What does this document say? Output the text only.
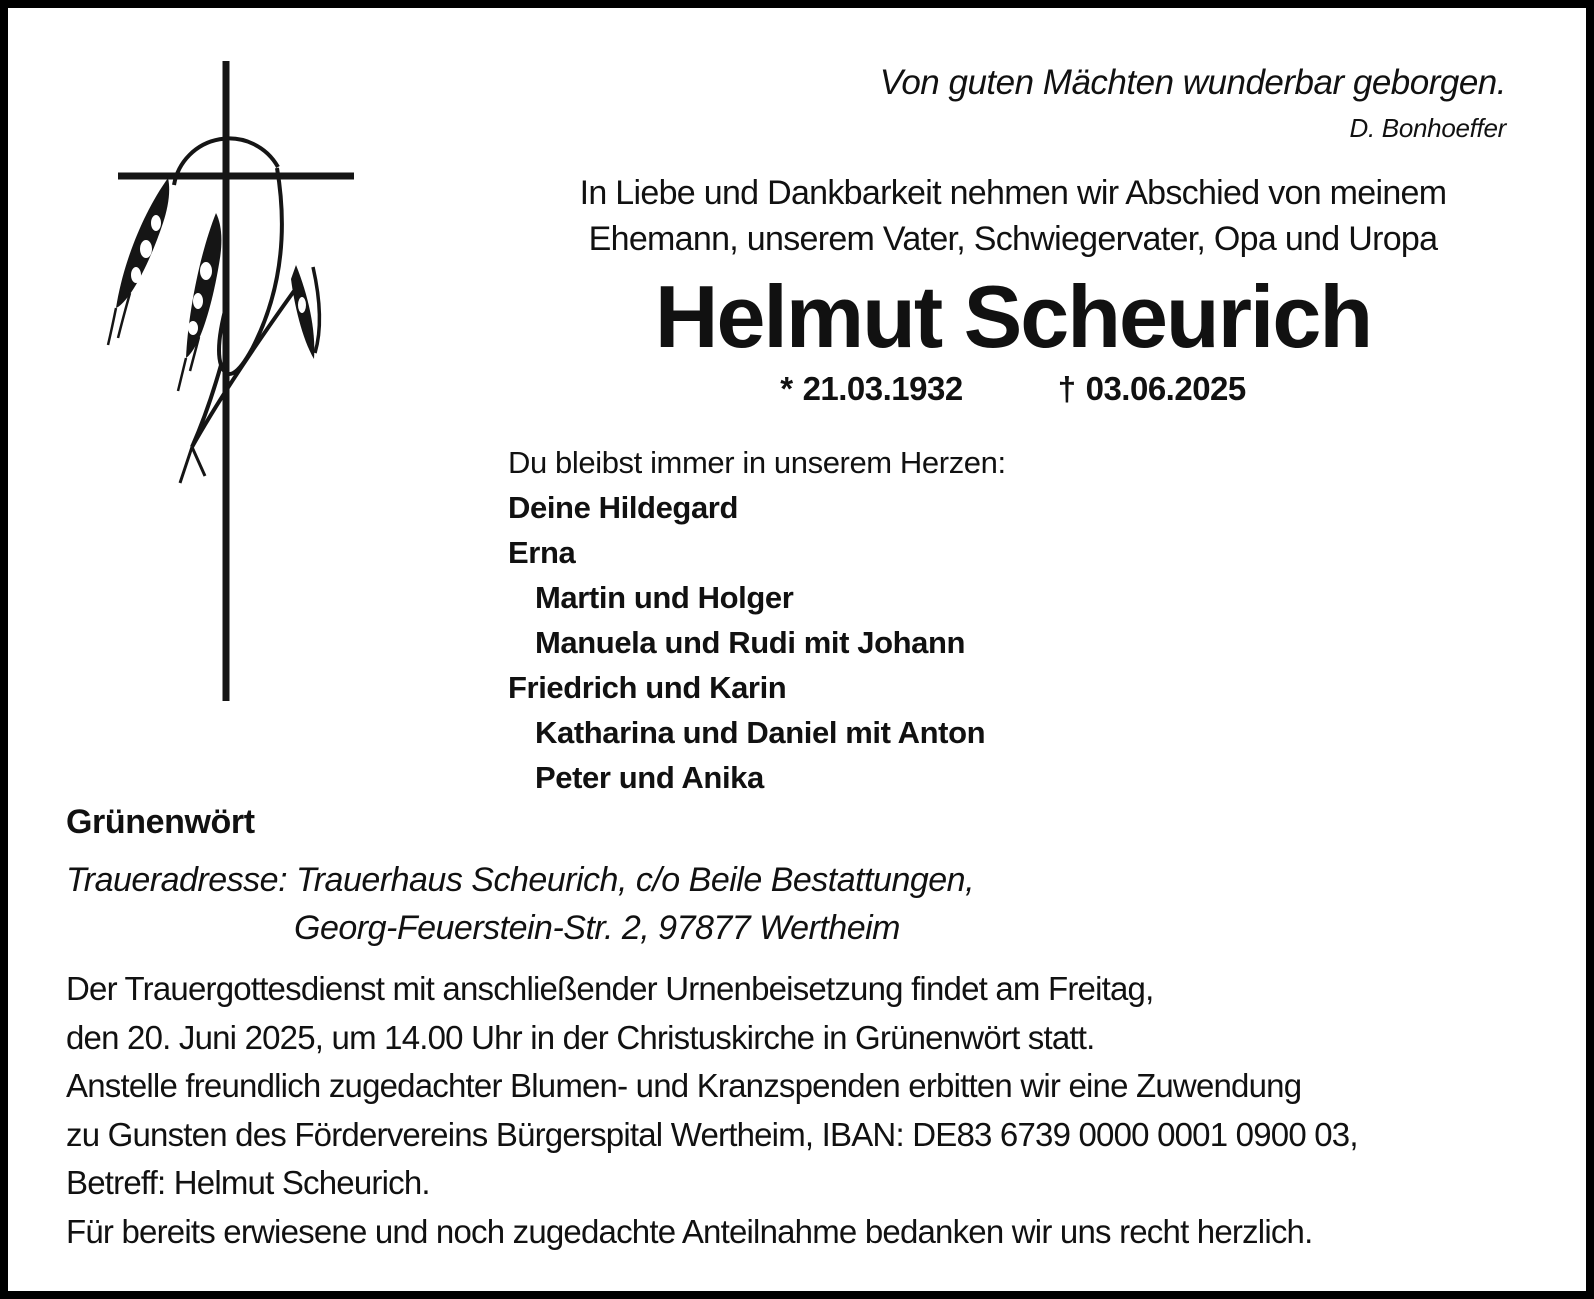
Von guten Mächten wunderbar geborgen.
D. Bonhoeffer
In Liebe und Dankbarkeit nehmen wir Abschied von meinem
Ehemann, unserem Vater, Schwiegervater, Opa und Uropa
Helmut Scheurich
* 21.03.1932	† 03.06.2025
Du bleibst immer in unserem Herzen:
Deine Hildegard
Erna
Martin und Holger
Manuela und Rudi mit Johann
Friedrich und Karin
Katharina und Daniel mit Anton
Peter und Anika
Grünenwört
Traueradresse: Trauerhaus Scheurich, c/o Beile Bestattungen,
Georg-Feuerstein-Str. 2, 97877 Wertheim
Der Trauergottesdienst mit anschließender Urnenbeisetzung findet am Freitag,
den 20. Juni 2025, um 14.00 Uhr in der Christuskirche in Grünenwört statt.
Anstelle freundlich zugedachter Blumen- und Kranzspenden erbitten wir eine Zuwendung
zu Gunsten des Fördervereins Bürgerspital Wertheim, IBAN: DE83 6739 0000 0001 0900 03,
Betreff: Helmut Scheurich.
Für bereits erwiesene und noch zugedachte Anteilnahme bedanken wir uns recht herzlich.
